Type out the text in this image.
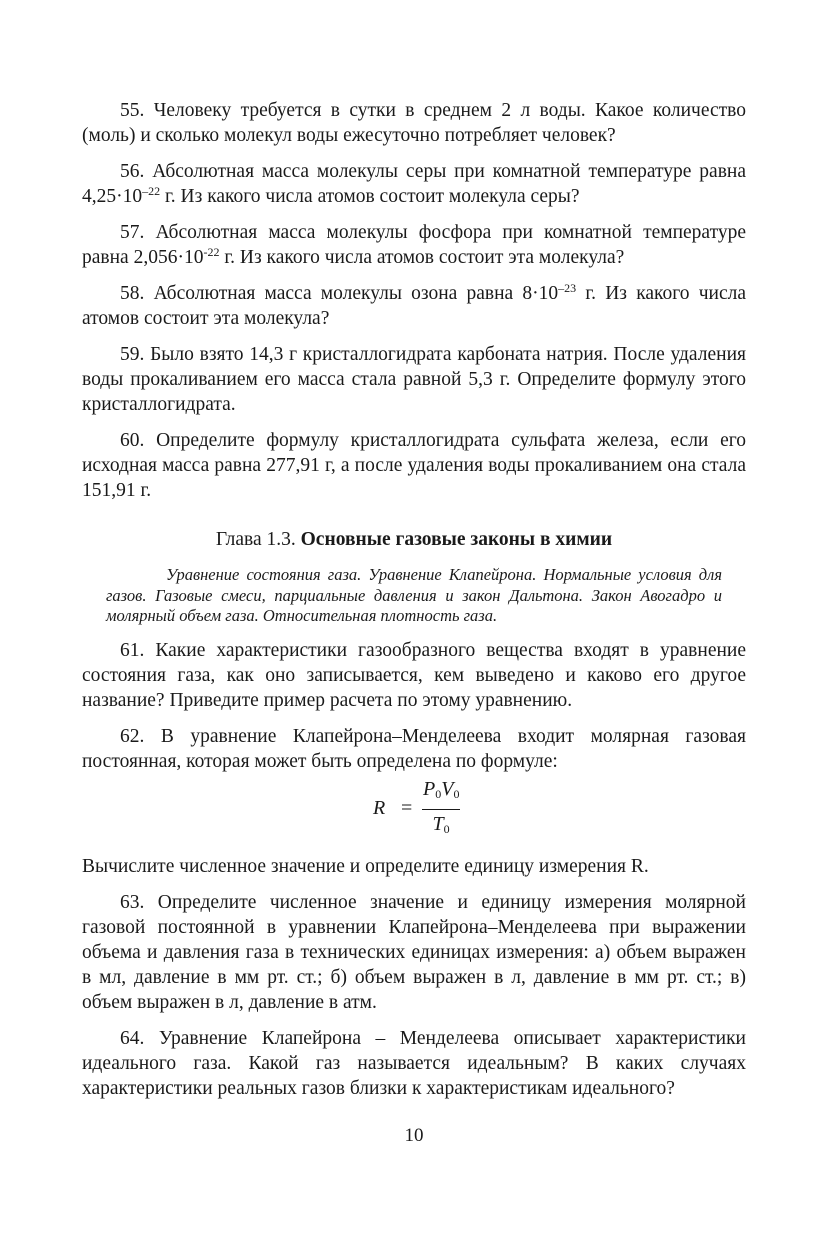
55. Человеку требуется в сутки в среднем 2 л воды. Какое количество (моль) и сколько молекул воды ежесуточно потребляет человек?

56. Абсолютная масса молекулы серы при комнатной температуре равна $4,25\cdot 10^{-22}$ г. Из какого числа атомов состоит молекула серы?

57. Абсолютная масса молекулы фосфора при комнатной температуре равна $2,056\cdot 10^{-22}$ г. Из какого числа атомов состоит эта молекула?

58. Абсолютная масса молекулы озона равна $8\cdot 10^{-23}$ г. Из какого числа атомов состоит эта молекула?

59. Было взято 14,3 г кристаллогидрата карбоната натрия. После удаления воды прокаливанием его масса стала равной 5,3 г. Определите формулу этого кристаллогидрата.

60. Определите формулу кристаллогидрата сульфата железа, если его исходная масса равна 277,91 г, а после удаления воды прокаливанием она стала 151,91 г.

Глава 1.3. Основные газовые законы в химии

Уравнение состояния газа. Уравнение Клапейрона. Нормальные условия для газов. Газовые смеси, парциальные давления и закон Дальтона. Закон Авогадро и молярный объем газа. Относительная плотность газа.

61. Какие характеристики газообразного вещества входят в уравнение состояния газа, как оно записывается, кем выведено и каково его другое название? Приведите пример расчета по этому уравнению.

62. В уравнение Клапейрона–Менделеева входит молярная газовая постоянная, которая может быть определена по формуле:

R =
$P_0V_0$
$T_0$

Вычислите численное значение и определите единицу измерения R.

63. Определите численное значение и единицу измерения молярной газовой постоянной в уравнении Клапейрона–Менделеева при выражении объема и давления газа в технических единицах измерения: а) объем выражен в мл, давление в мм рт. ст.; б) объем выражен в л, давление в мм рт. ст.; в) объем выражен в л, давление в атм.

64. Уравнение Клапейрона – Менделеева описывает характеристики идеального газа. Какой газ называется идеальным? В каких случаях характеристики реальных газов близки к характеристикам идеального?

10
